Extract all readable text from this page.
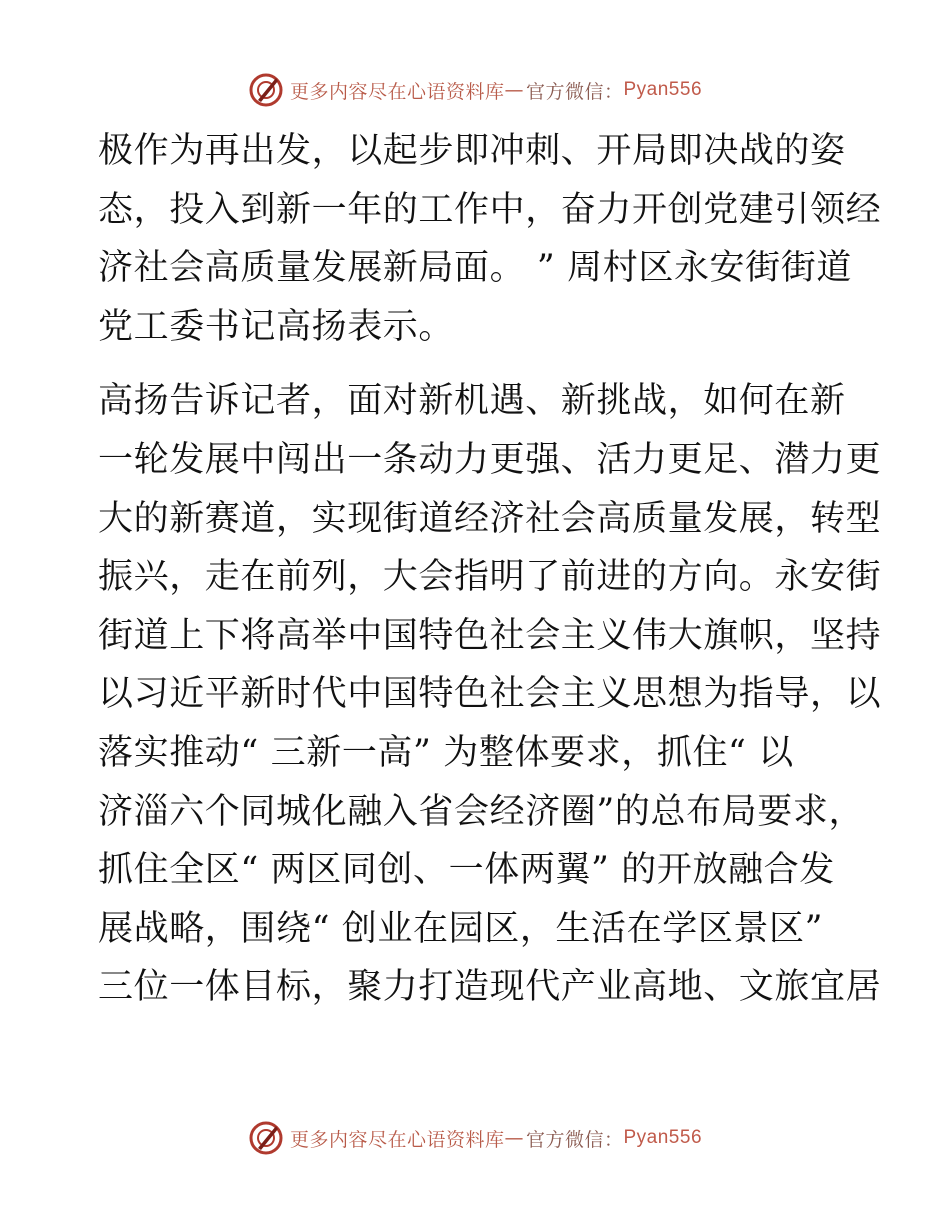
更多内容尽在心语资料库 — 官方微信： Pyan556
极作为再出发，以起步即冲刺、开局即决战的姿
态，投入到新一年的工作中，奋力开创党建引领经
济社会高质量发展新局面。 ” 周村区永安街街道
党工委书记高扬表示。
高扬告诉记者，面对新机遇、新挑战，如何在新
一轮发展中闯出一条动力更强、活力更足、潜力更
大的新赛道，实现街道经济社会高质量发展，转型
振兴，走在前列，大会指明了前进的方向。永安街
街道上下将高举中国特色社会主义伟大旗帜，坚持
以习近平新时代中国特色社会主义思想为指导，以
落实推动“ 三新一高” 为整体要求，抓住“ 以
济淄六个同城化融入省会经济圈”的总布局要求，
抓住全区“ 两区同创、一体两翼” 的开放融合发
展战略，围绕“ 创业在园区，生活在学区景区”
三位一体目标，聚力打造现代产业高地、文旅宜居
更多内容尽在心语资料库 — 官方微信： Pyan556
